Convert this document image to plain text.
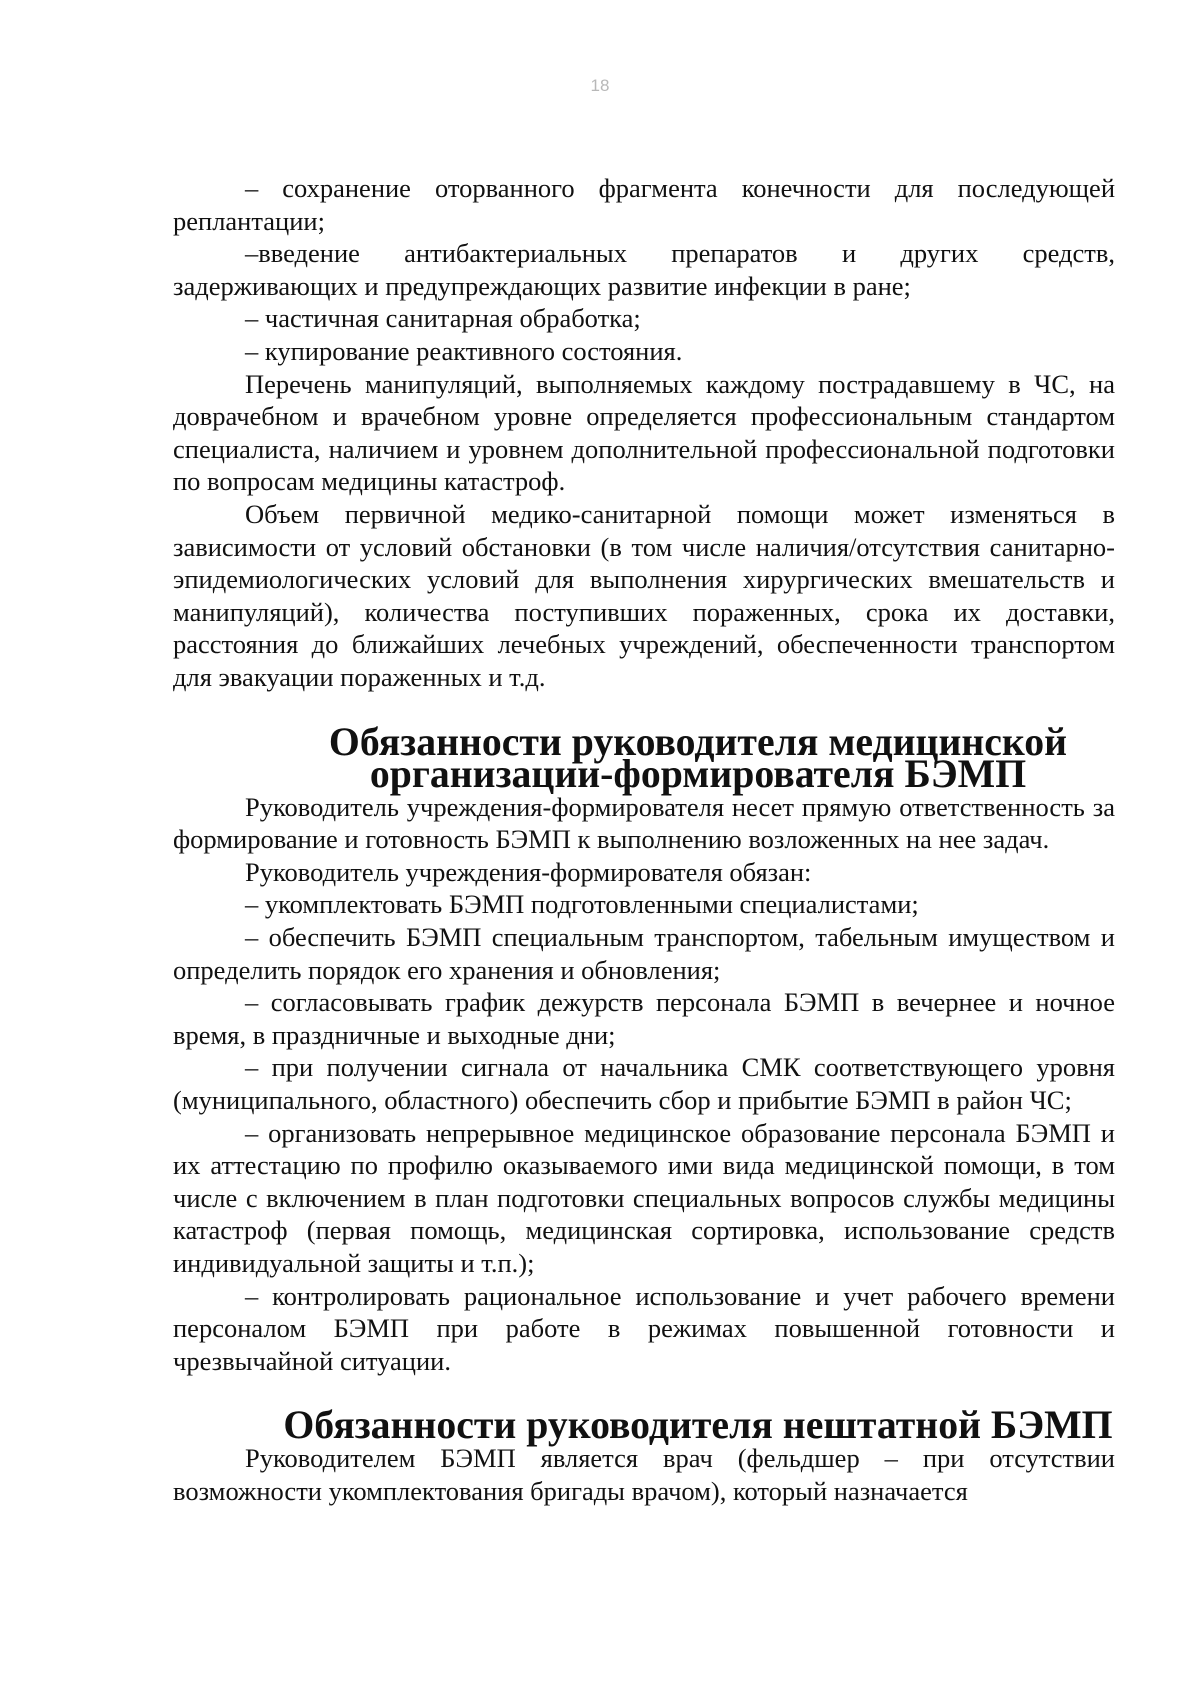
18

– сохранение оторванного фрагмента конечности для последующей реплантации;

–введение антибактериальных препаратов и других средств, задерживающих и предупреждающих развитие инфекции в ране;

– частичная санитарная обработка;

– купирование реактивного состояния.

Перечень манипуляций, выполняемых каждому пострадавшему в ЧС, на доврачебном и врачебном уровне определяется профессиональным стандартом специалиста, наличием и уровнем дополнительной профессиональной подготовки по вопросам медицины катастроф.

Объем первичной медико-санитарной помощи может изменяться в зависимости от условий обстановки (в том числе наличия/отсутствия санитарно-эпидемиологических условий для выполнения хирургических вмешательств и манипуляций), количества поступивших пораженных, срока их доставки, расстояния до ближайших лечебных учреждений, обеспеченности транспортом для эвакуации пораженных и т.д.

Обязанности руководителя медицинской
организации-формирователя БЭМП

Руководитель учреждения-формирователя несет прямую ответственность за формирование и готовность БЭМП к выполнению возложенных на нее задач.

Руководитель учреждения-формирователя обязан:

– укомплектовать БЭМП подготовленными специалистами;

– обеспечить БЭМП специальным транспортом, табельным имуществом и определить порядок его хранения и обновления;

– согласовывать график дежурств персонала БЭМП в вечернее и ночное время, в праздничные и выходные дни;

– при получении сигнала от начальника СМК соответствующего уровня (муниципального, областного) обеспечить сбор и прибытие БЭМП в район ЧС;

– организовать непрерывное медицинское образование персонала БЭМП и их аттестацию по профилю оказываемого ими вида медицинской помощи, в том числе с включением в план подготовки специальных вопросов службы медицины катастроф (первая помощь, медицинская сортировка, использование средств индивидуальной защиты и т.п.);

– контролировать рациональное использование и учет рабочего времени персоналом БЭМП при работе в режимах повышенной готовности и чрезвычайной ситуации.

Обязанности руководителя нештатной БЭМП

Руководителем БЭМП является врач (фельдшер – при отсутствии возможности укомплектования бригады врачом), который назначается
